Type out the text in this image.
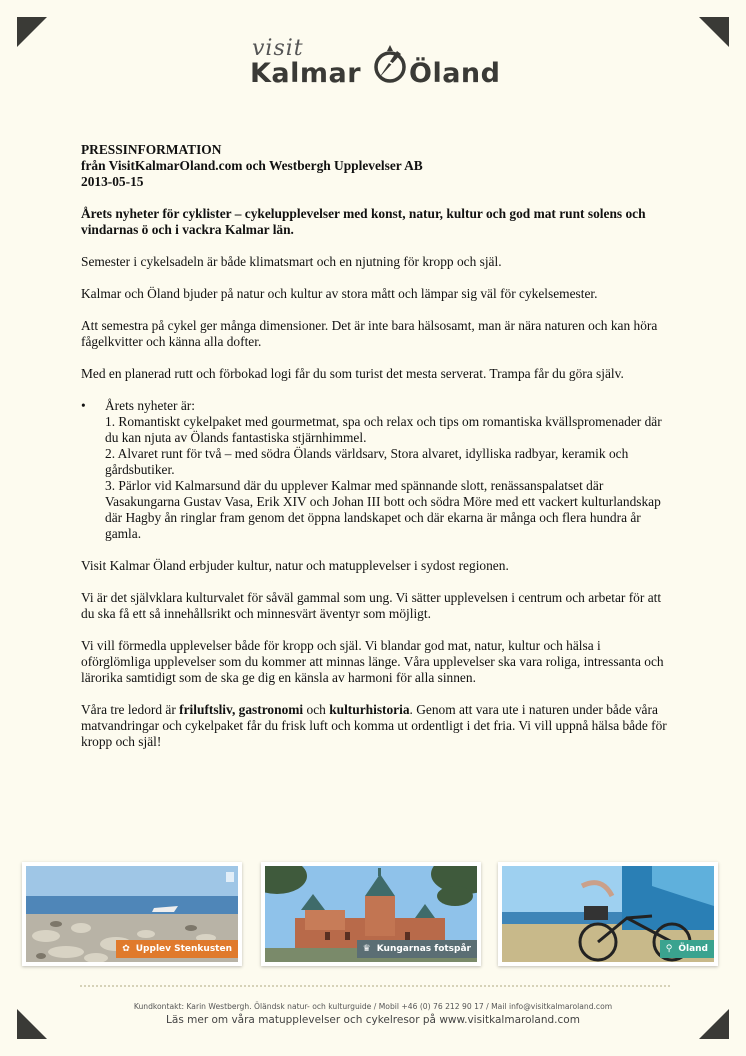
visit
Kalmar Öland

PRESSINFORMATION
från VisitKalmarOland.com och Westbergh Upplevelser AB
2013-05-15

Årets nyheter för cyklister – cykelupplevelser med konst, natur, kultur och god mat runt solens och vindarnas ö och i vackra Kalmar län.

Semester i cykelsadeln är både klimatsmart och en njutning för kropp och själ.

Kalmar och Öland bjuder på natur och kultur av stora mått och lämpar sig väl för cykelsemester.

Att semestra på cykel ger många dimensioner. Det är inte bara hälsosamt, man är nära naturen och kan höra fågelkvitter och känna alla dofter.

Med en planerad rutt och förbokad logi får du som turist det mesta serverat. Trampa får du göra själv.

• Årets nyheter är:
1. Romantiskt cykelpaket med gourmetmat, spa och relax och tips om romantiska kvällspromenader där du kan njuta av Ölands fantastiska stjärnhimmel.
2. Alvaret runt för två – med södra Ölands världsarv, Stora alvaret, idylliska radbyar, keramik och gårdsbutiker.
3. Pärlor vid Kalmarsund där du upplever Kalmar med spännande slott, renässanspalatset där Vasakungarna Gustav Vasa, Erik XIV och Johan III bott och södra Möre med ett vackert kulturlandskap där Hagby ån ringlar fram genom det öppna landskapet och där ekarna är många och flera hundra år gamla.

Visit Kalmar Öland erbjuder kultur, natur och matupplevelser i sydost regionen.

Vi är det självklara kulturvalet för såväl gammal som ung. Vi sätter upplevelsen i centrum och arbetar för att du ska få ett så innehållsrikt och minnesvärt äventyr som möjligt.

Vi vill förmedla upplevelser både för kropp och själ. Vi blandar god mat, natur, kultur och hälsa i oförglömliga upplevelser som du kommer att minnas länge. Våra upplevelser ska vara roliga, intressanta och lärorika samtidigt som de ska ge dig en känsla av harmoni för alla sinnen.

Våra tre ledord är friluftsliv, gastronomi och kulturhistoria. Genom att vara ute i naturen under både våra matvandringar och cykelpaket får du frisk luft och komma ut ordentligt i det fria. Vi vill uppnå hälsa både för kropp och själ!

✿ Upplev Stenkusten	♛ Kungarnas fotspår	⚲ Öland
Kundkontakt: Karin Westbergh. Öländsk natur- och kulturguide / Mobil +46 (0) 76 212 90 17 / Mail info@visitkalmaroland.com
Läs mer om våra matupplevelser och cykelresor på www.visitkalmaroland.com
